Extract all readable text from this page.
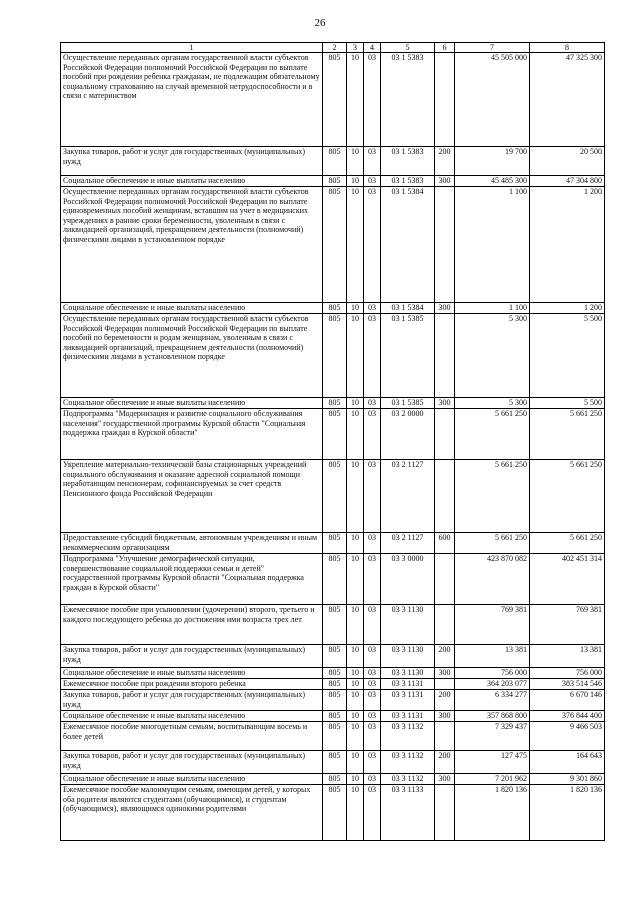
26
1	2	3	4	5	6	7	8
Осуществление переданных органам государственной власти субъектов Российской Федерации полномочий Российской Федерации по выплате пособий при рождении ребенка гражданам, не подлежащим обязательному социальному страхованию на случай временной нетрудоспособности и в связи с материнством	805	10	03	03 1 5383		45 505 000	47 325 300
Закупка товаров, работ и услуг для государственных (муниципальных) нужд	805	10	03	03 1 5383	200	19 700	20 500
Социальное обеспечение и иные выплаты населению	805	10	03	03 1 5383	300	45 485 300	47 304 800
Осуществление переданных органам государственной власти субъектов Российской Федерации полномочий Российской Федерации по выплате единовременных пособий женщинам, вставшим на учет в медицинских учреждениях в ранние сроки беременности, уволенным в связи с ликвидацией организаций, прекращением деятельности (полномочий) физическими лицами в установленном порядке	805	10	03	03 1 5384		1 100	1 200
Социальное обеспечение и иные выплаты населению	805	10	03	03 1 5384	300	1 100	1 200
Осуществление переданных органам государственной власти субъектов Российской Федерации полномочий Российской Федерации по выплате пособий по беременности и родам женщинам, уволенным в связи с ликвидацией организаций, прекращением деятельности (полномочий) физическими лицами в установленном порядке	805	10	03	03 1 5385		5 300	5 500
Социальное обеспечение и иные выплаты населению	805	10	03	03 1 5385	300	5 300	5 500
Подпрограмма "Модернизация и развитие социального обслуживания населения" государственной программы Курской области "Социальная поддержка граждан в Курской области"	805	10	03	03 2 0000		5 661 250	5 661 250
Укрепление материально-технической базы стационарных учреждений социального обслуживания и оказание адресной социальной помощи неработающим пенсионерам, софинансируемых за счет средств Пенсионного фонда Российской Федерации	805	10	03	03 2 1127		5 661 250	5 661 250
Предоставление субсидий бюджетным, автономным учреждениям и иным некоммерческим организациям	805	10	03	03 2 1127	600	5 661 250	5 661 250
Подпрограмма "Улучшение демографической ситуации, совершенствование социальной поддержки семьи и детей" государственной программы Курской области "Социальная поддержка граждан в Курской области"	805	10	03	03 3 0000		423 870 082	402 451 314
Ежемесячное пособие при усыновлении (удочерении) второго, третьего и каждого последующего ребенка до достижения ими возраста трех лет	805	10	03	03 3 1130		769 381	769 381
Закупка товаров, работ и услуг для государственных (муниципальных) нужд	805	10	03	03 3 1130	200	13 381	13 381
Социальное обеспечение и иные выплаты населению	805	10	03	03 3 1130	300	756 000	756 000
Ежемесячное пособие при рождении второго ребенка	805	10	03	03 3 1131		364 203 077	383 514 546
Закупка товаров, работ и услуг для государственных (муниципальных) нужд	805	10	03	03 3 1131	200	6 334 277	6 670 146
Социальное обеспечение и иные выплаты населению	805	10	03	03 3 1131	300	357 868 800	376 844 400
Ежемесячное пособие многодетным семьям, воспитывающим восемь и более детей	805	10	03	03 3 1132		7 329 437	9 466 503
Закупка товаров, работ и услуг для государственных (муниципальных) нужд	805	10	03	03 3 1132	200	127 475	164 643
Социальное обеспечение и иные выплаты населению	805	10	03	03 3 1132	300	7 201 962	9 301 860
Ежемесячное пособие малоимущим семьям, имеющим детей, у которых оба родителя являются студентами (обучающимися), и студентам (обучающимся), являющимся одинокими родителями	805	10	03	03 3 1133		1 820 136	1 820 136
